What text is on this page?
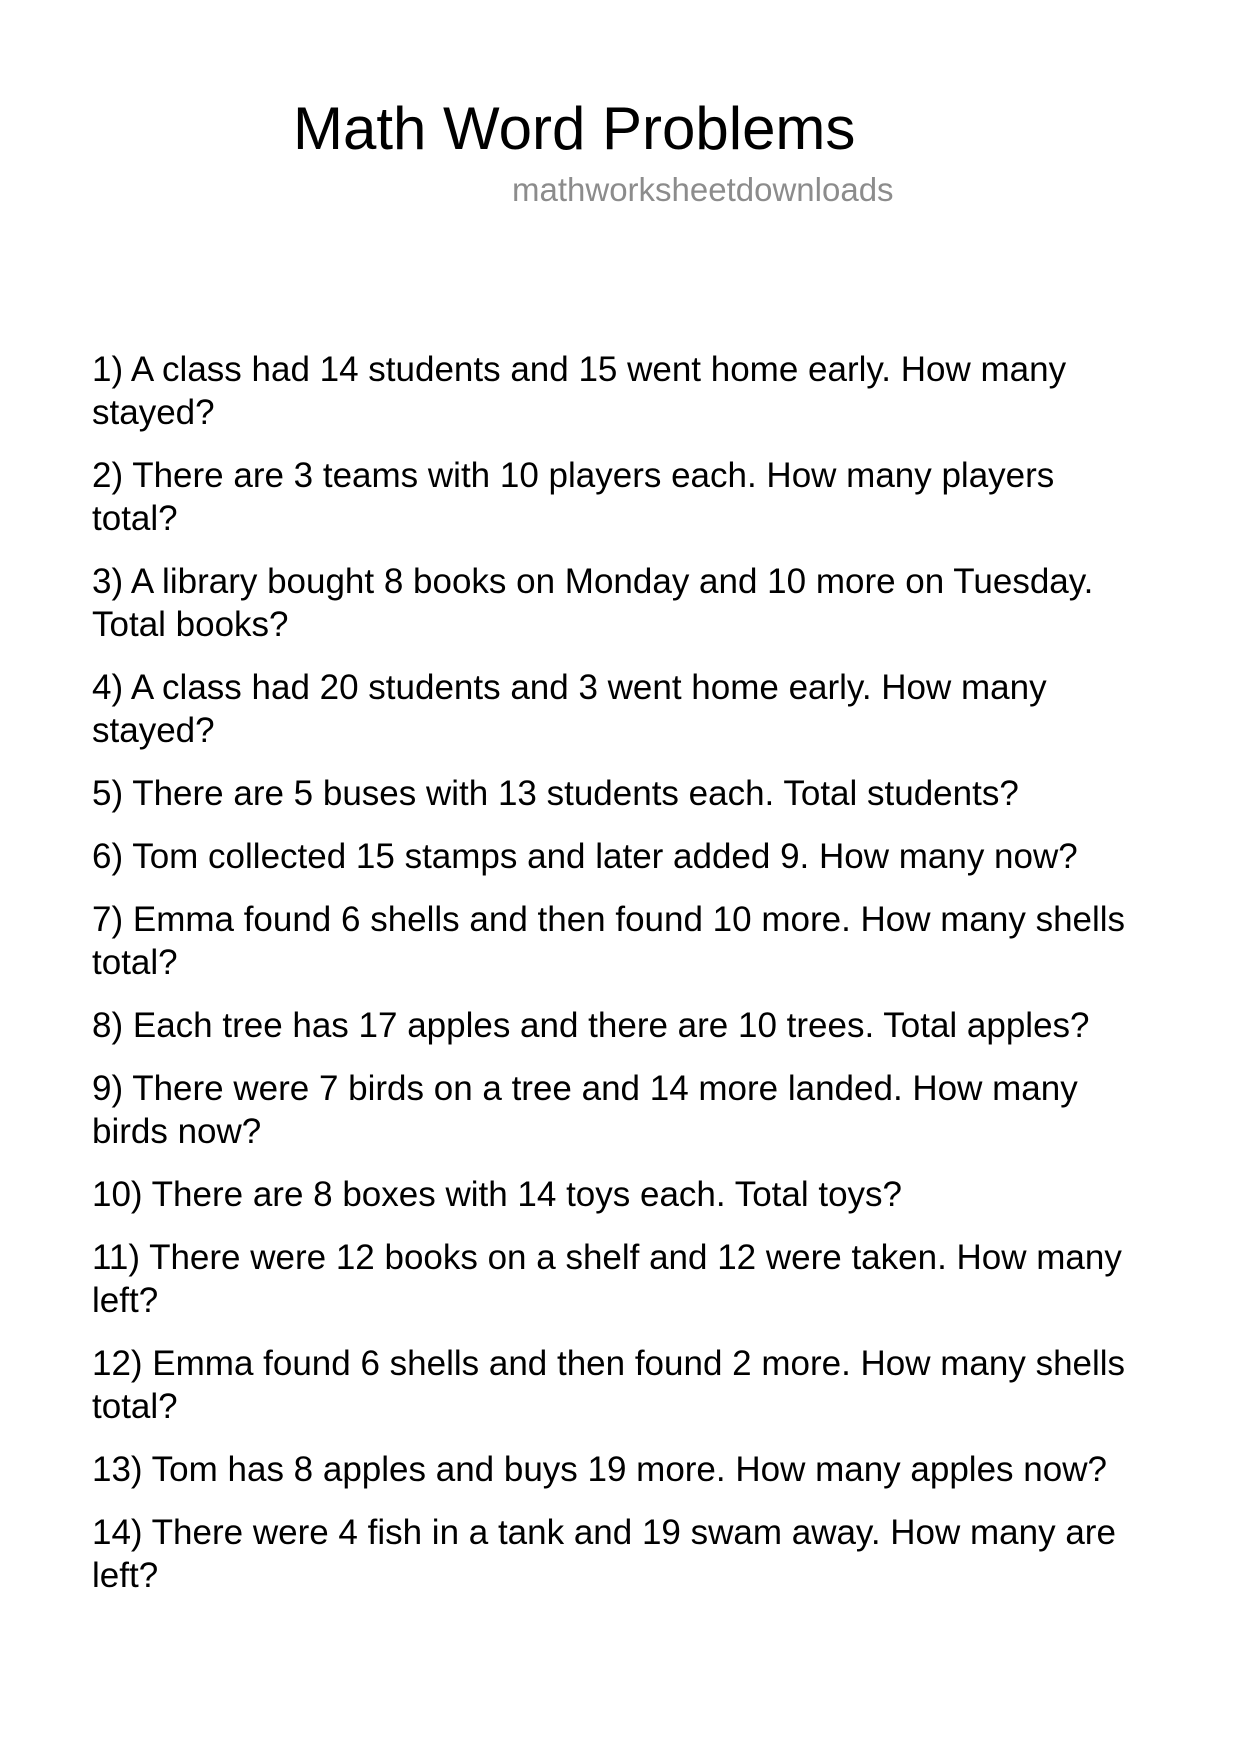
Math Word Problems
mathworksheetdownloads

1) A class had 14 students and 15 went home early. How many stayed?

2) There are 3 teams with 10 players each. How many players total?

3) A library bought 8 books on Monday and 10 more on Tuesday. Total books?

4) A class had 20 students and 3 went home early. How many stayed?

5) There are 5 buses with 13 students each. Total students?

6) Tom collected 15 stamps and later added 9. How many now?

7) Emma found 6 shells and then found 10 more. How many shells total?

8) Each tree has 17 apples and there are 10 trees. Total apples?

9) There were 7 birds on a tree and 14 more landed. How many birds now?

10) There are 8 boxes with 14 toys each. Total toys?

11) There were 12 books on a shelf and 12 were taken. How many left?

12) Emma found 6 shells and then found 2 more. How many shells total?

13) Tom has 8 apples and buys 19 more. How many apples now?

14) There were 4 fish in a tank and 19 swam away. How many are left?
